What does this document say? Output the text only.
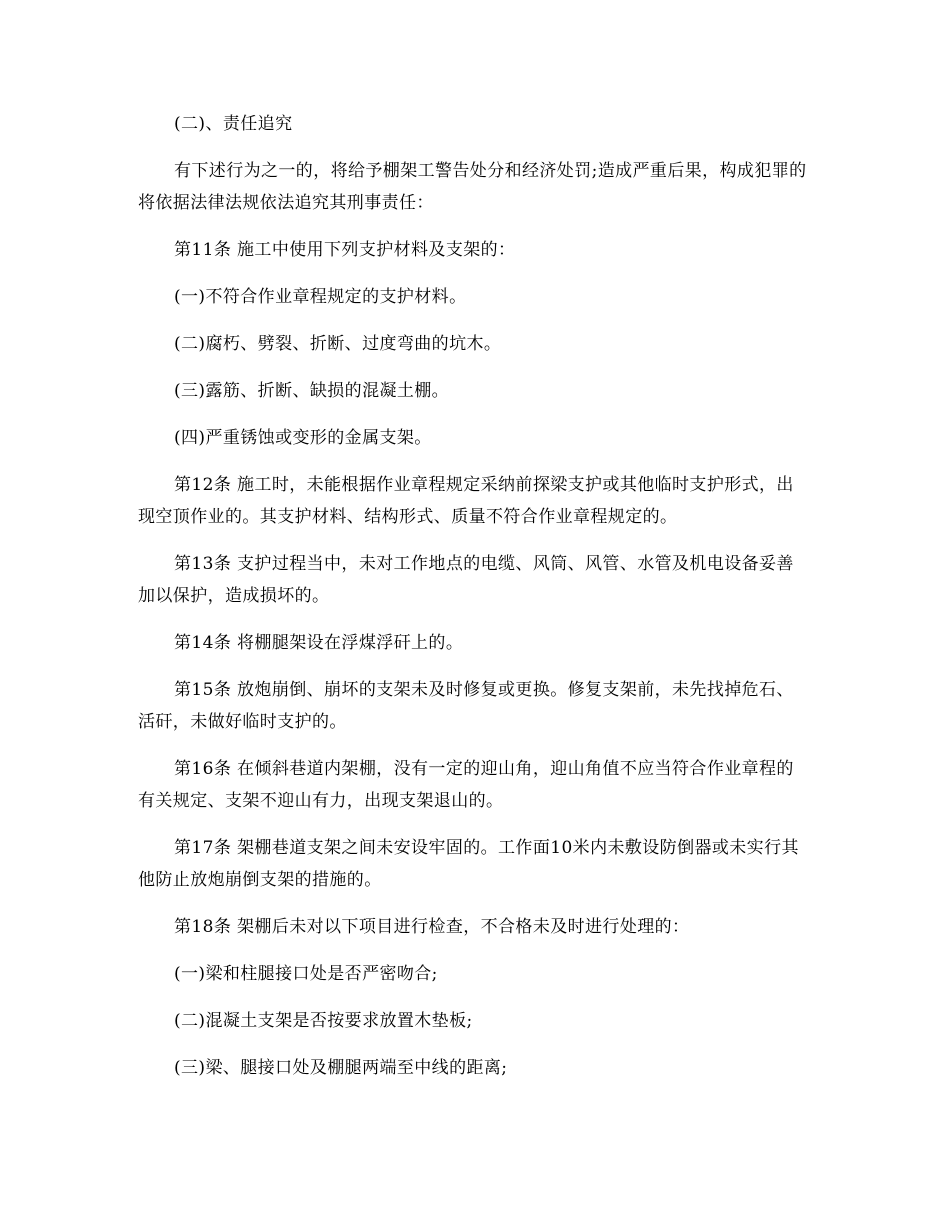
(二)、责任追究

有下述行为之一的，将给予棚架工警告处分和经济处罚;造成严重后果，构成犯罪的将依据法律法规依法追究其刑事责任：

第11条 施工中使用下列支护材料及支架的：

(一)不符合作业章程规定的支护材料。

(二)腐朽、劈裂、折断、过度弯曲的坑木。

(三)露筋、折断、缺损的混凝土棚。

(四)严重锈蚀或变形的金属支架。

第12条 施工时，未能根据作业章程规定采纳前探梁支护或其他临时支护形式，出现空顶作业的。其支护材料、结构形式、质量不符合作业章程规定的。

第13条 支护过程当中，未对工作地点的电缆、风筒、风管、水管及机电设备妥善加以保护，造成损坏的。

第14条 将棚腿架设在浮煤浮矸上的。

第15条 放炮崩倒、崩坏的支架未及时修复或更换。修复支架前，未先找掉危石、活矸，未做好临时支护的。

第16条 在倾斜巷道内架棚，没有一定的迎山角，迎山角值不应当符合作业章程的有关规定、支架不迎山有力，出现支架退山的。

第17条 架棚巷道支架之间未安设牢固的。工作面10米内未敷设防倒器或未实行其他防止放炮崩倒支架的措施的。

第18条 架棚后未对以下项目进行检查，不合格未及时进行处理的：

(一)梁和柱腿接口处是否严密吻合;

(二)混凝土支架是否按要求放置木垫板;

(三)梁、腿接口处及棚腿两端至中线的距离;
